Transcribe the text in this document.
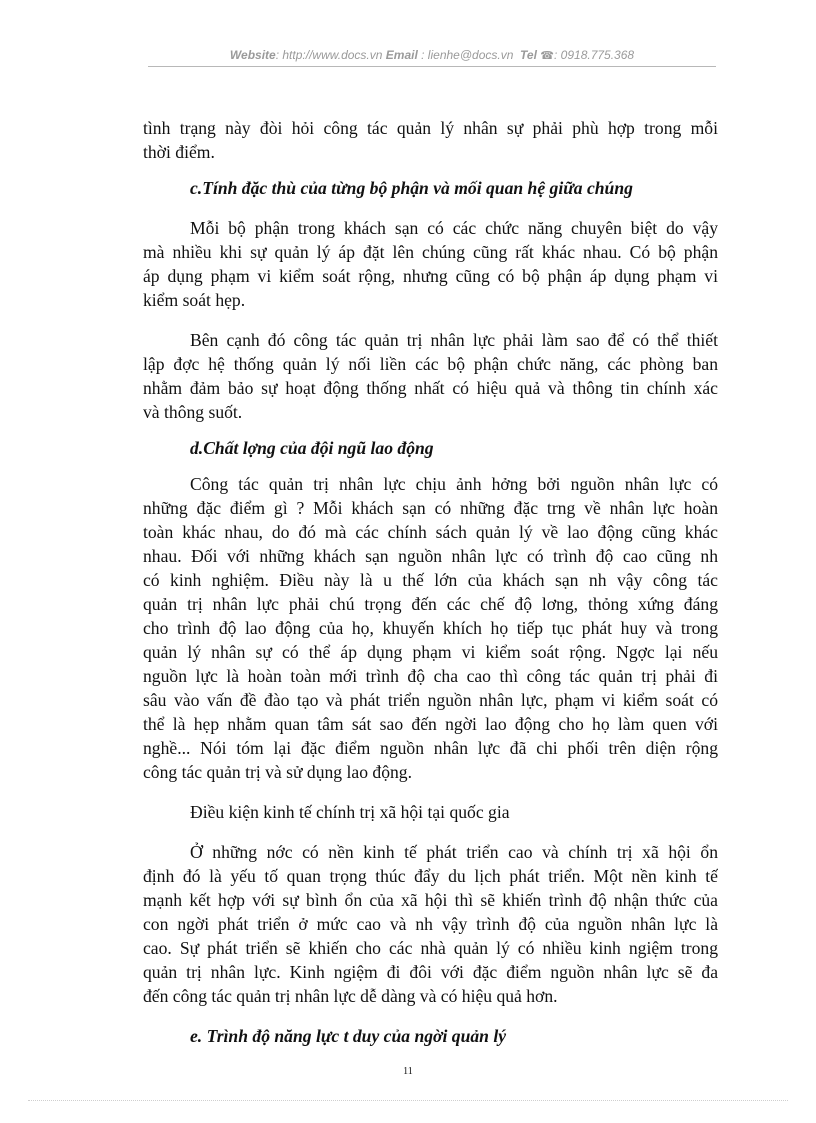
Website: http://www.docs.vn Email : lienhe@docs.vn Tel ☎: 0918.775.368
tình trạng này đòi hỏi công tác quản lý nhân sự phải phù hợp trong mỗi
thời điểm.
c.Tính đặc thù của từng bộ phận và mối quan hệ giữa chúng
Mỗi bộ phận trong khách sạn có các chức năng chuyên biệt do vậy
mà nhiều khi sự quản lý áp đặt lên chúng cũng rất khác nhau. Có bộ phận
áp dụng phạm vi kiểm soát rộng, nhưng cũng có bộ phận áp dụng phạm vi
kiểm soát hẹp.
Bên cạnh đó công tác quản trị nhân lực phải làm sao để có thể thiết
lập đợc hệ thống quản lý nối liền các bộ phận chức năng, các phòng ban
nhằm đảm bảo sự hoạt động thống nhất có hiệu quả và thông tin chính xác
và thông suốt.
d.Chất lợng của đội ngũ lao động
Công tác quản trị nhân lực chịu ảnh hởng bởi nguồn nhân lực có
những đặc điểm gì ? Mỗi khách sạn có những đặc trng về nhân lực hoàn
toàn khác nhau, do đó mà các chính sách quản lý về lao động cũng khác
nhau. Đối với những khách sạn nguồn nhân lực có trình độ cao cũng nh
có kinh nghiệm. Điều này là u thế lớn của khách sạn nh vậy công tác
quản trị nhân lực phải chú trọng đến các chế độ lơng, thỏng xứng đáng
cho trình độ lao động của họ, khuyến khích họ tiếp tục phát huy và trong
quản lý nhân sự có thể áp dụng phạm vi kiểm soát rộng. Ngợc lại nếu
nguồn lực là hoàn toàn mới trình độ cha cao thì công tác quản trị phải đi
sâu vào vấn đề đào tạo và phát triển nguồn nhân lực, phạm vi kiểm soát có
thể là hẹp nhằm quan tâm sát sao đến ngời lao động cho họ làm quen với
nghề... Nói tóm lại đặc điểm nguồn nhân lực đã chi phối trên diện rộng
công tác quản trị và sử dụng lao động.
Điều kiện kinh tế chính trị xã hội tại quốc gia
Ở những nớc có nền kinh tế phát triển cao và chính trị xã hội ổn
định đó là yếu tố quan trọng thúc đẩy du lịch phát triển. Một nền kinh tế
mạnh kết hợp với sự bình ổn của xã hội thì sẽ khiến trình độ nhận thức của
con ngời phát triển ở mức cao và nh vậy trình độ của nguồn nhân lực là
cao. Sự phát triển sẽ khiến cho các nhà quản lý có nhiều kinh ngiệm trong
quản trị nhân lực. Kinh ngiệm đi đôi với đặc điểm nguồn nhân lực sẽ đa
đến công tác quản trị nhân lực dễ dàng và có hiệu quả hơn.
e. Trình độ năng lực t duy của ngời quản lý
11
